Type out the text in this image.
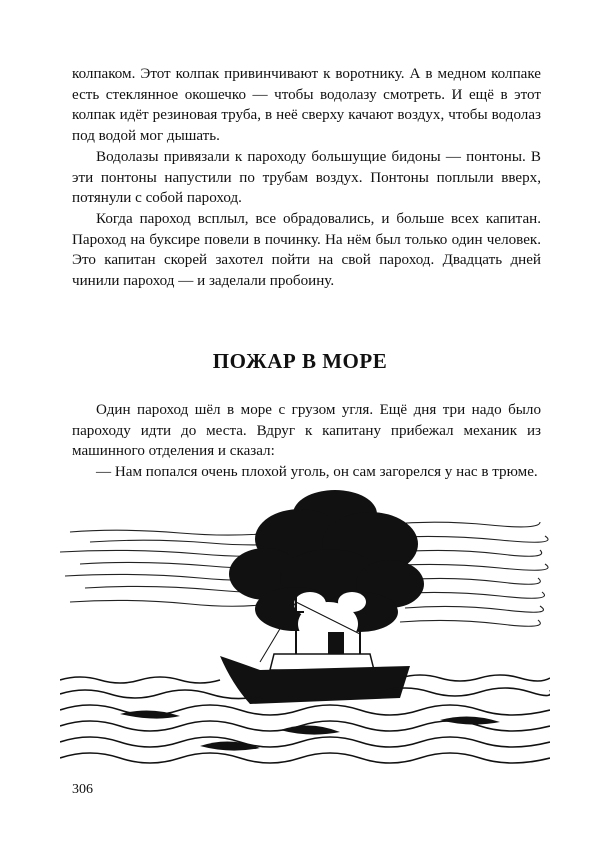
колпаком. Этот колпак привинчивают к воротнику. А в медном колпаке есть стеклянное окошечко — чтобы водолазу смотреть. И ещё в этот колпак идёт резиновая труба, в неё сверху качают воздух, чтобы водолаз под водой мог дышать.

Водолазы привязали к пароходу большущие бидоны — понтоны. В эти понтоны напустили по трубам воздух. Понтоны поплыли вверх, потянули с собой пароход.

Когда пароход всплыл, все обрадовались, и больше всех капитан. Пароход на буксире повели в починку. На нём был только один человек. Это капитан скорей захотел пойти на свой пароход. Двадцать дней чинили пароход — и заделали пробоину.

ПОЖАР В МОРЕ

Один пароход шёл в море с грузом угля. Ещё дня три надо было пароходу идти до места. Вдруг к капитану прибежал механик из машинного отделения и сказал:

— Нам попался очень плохой уголь, он сам загорелся у нас в трюме.

306
